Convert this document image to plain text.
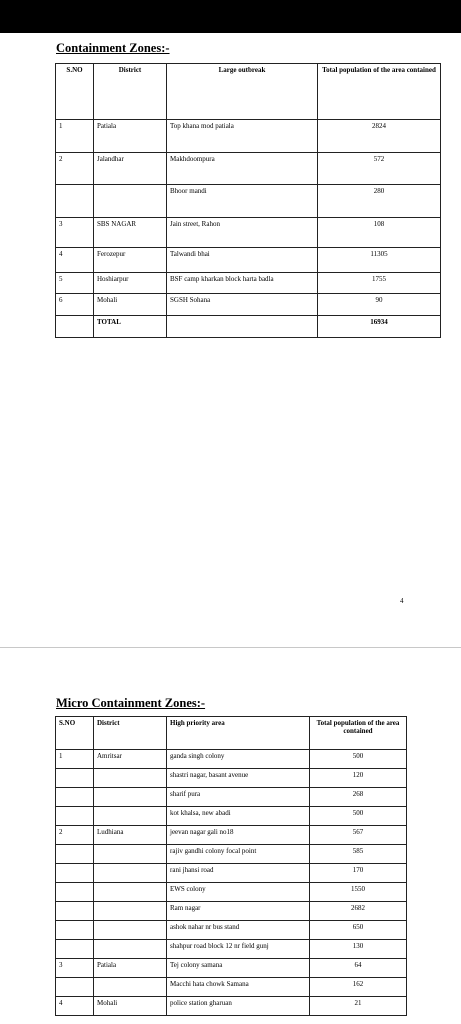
Containment Zones:-
S.NO	District	Large outbreak	Total population of the area contained
1	Patiala	Top khana mod patiala	2824
2	Jalandhar	Makhdoompura	572
		Bhoor mandi	280
3	SBS NAGAR	Jain street, Rahon	108
4	Ferozepur	Talwandi bhai	11305
5	Hoshiarpur	BSF camp kharkan block harta badla	1755
6	Mohali	SGSH Sohana	90
	TOTAL		16934
4
Micro Containment Zones:-
S.NO	District	High priority area	Total population of the area contained
1	Amritsar	ganda singh colony	500
		shastri nagar, basant avenue	120
		sharif pura	268
		kot khalsa, new abadi	500
2	Ludhiana	jeevan nagar gali no18	567
		rajiv gandhi colony focal point	585
		rani jhansi road	170
		EWS colony	1550
		Ram nagar	2682
		ashok nahar nr bus stand	650
		shahpur road block 12 nr field gunj	130
3	Patiala	Tej colony samana	64
		Macchi hata chowk Samana	162
4	Mohali	police station gharuan	21
